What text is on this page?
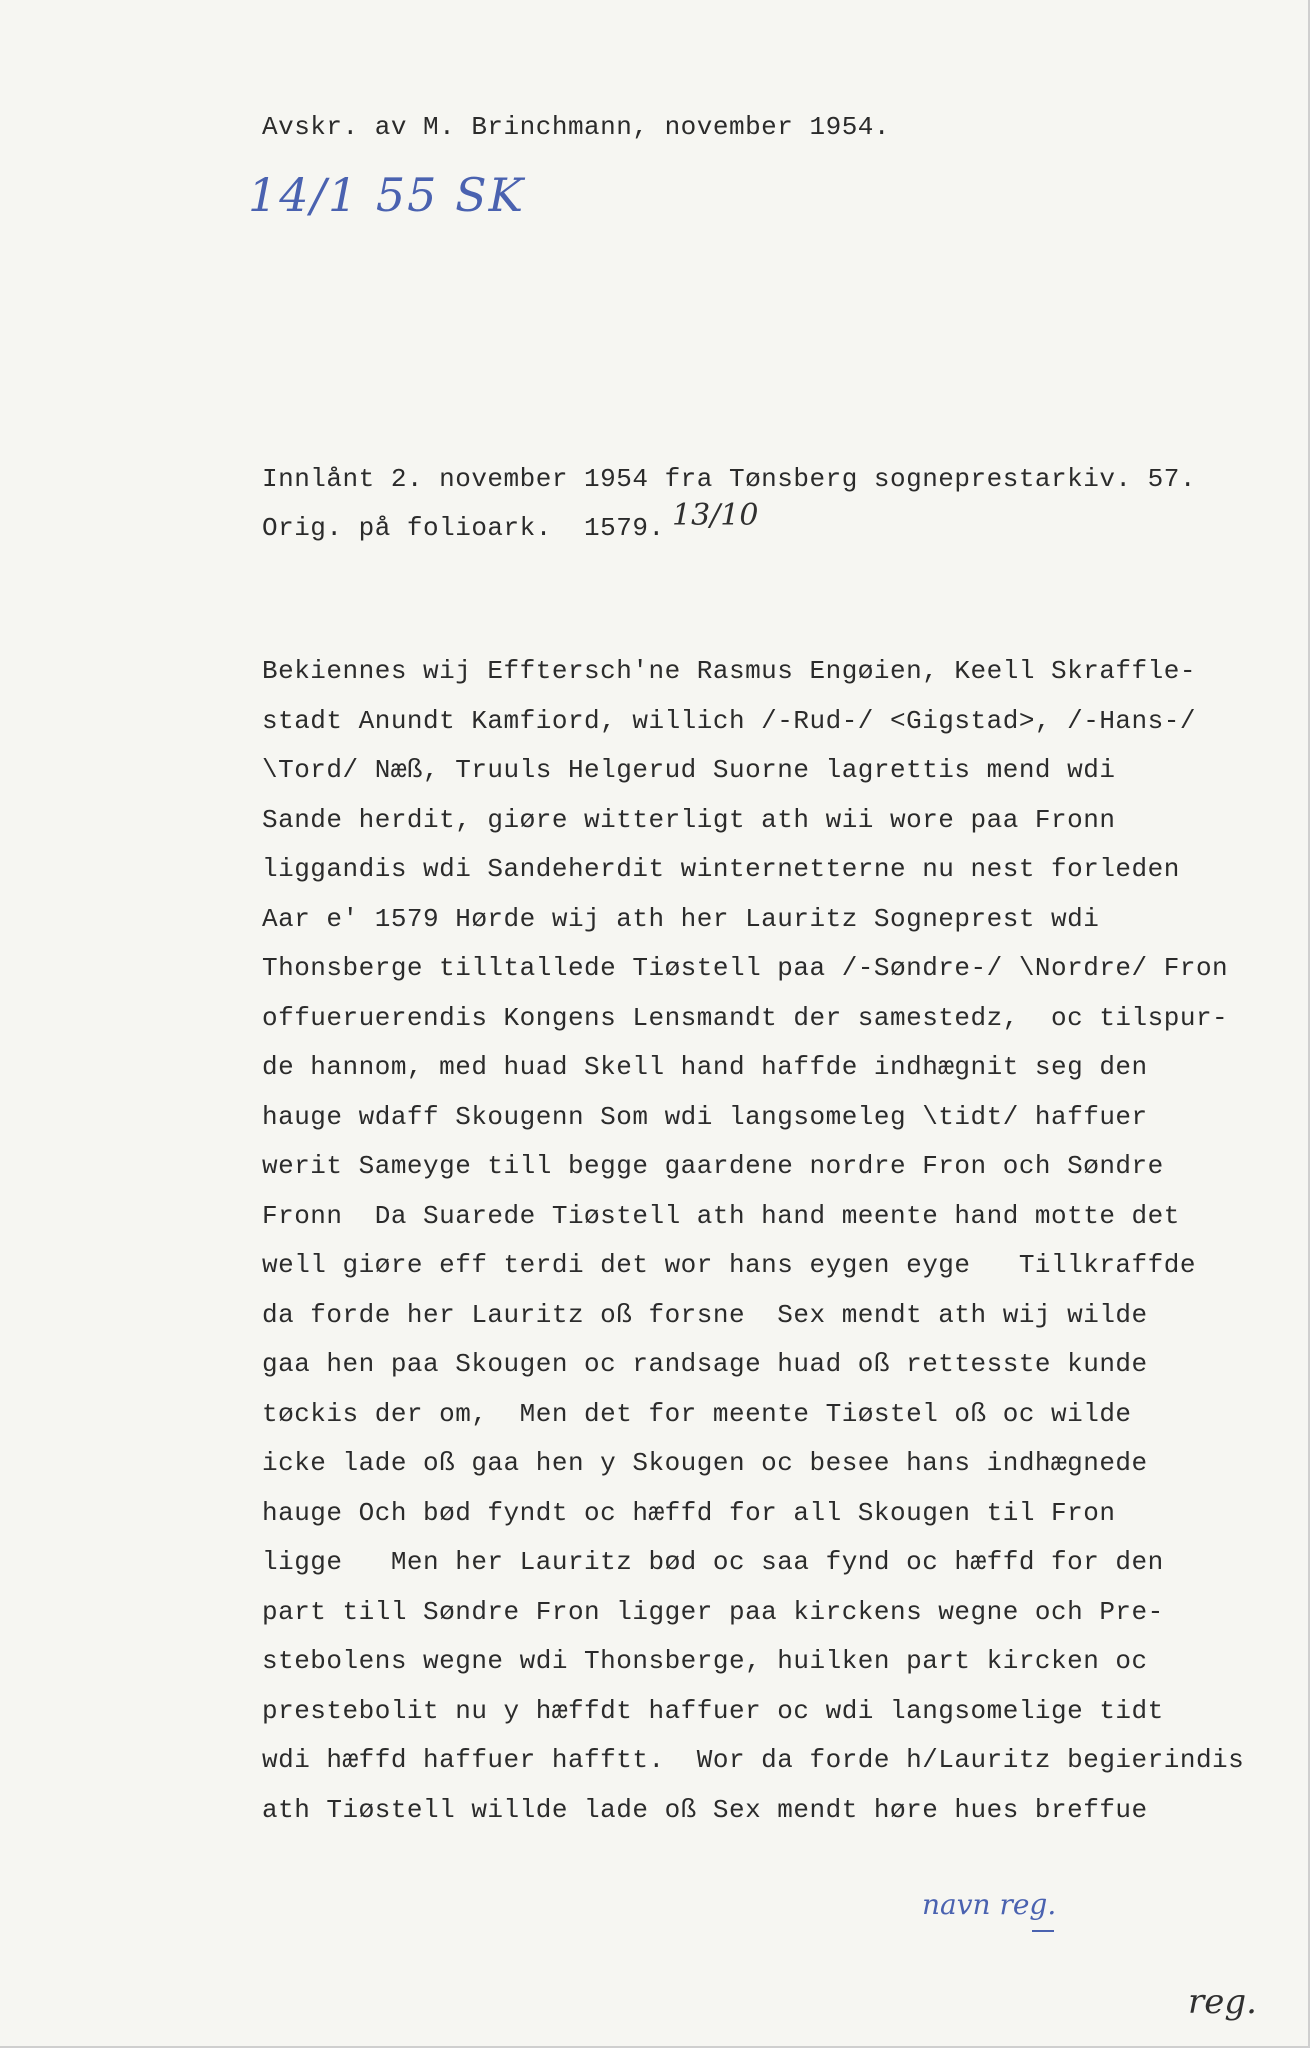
Avskr. av M. Brinchmann, november 1954.
14/1 55 SK
Innlånt 2. november 1954 fra Tønsberg sogneprestarkiv. 57.
Orig. på folioark.  1579. 13/10
Bekiennes wij Efftersch'ne Rasmus Engøien, Keell Skraffle-
stadt Anundt Kamfiord, willich /-Rud-/ <Gigstad>, /-Hans-/
\Tord/ Næß, Truuls Helgerud Suorne lagrettis mend wdi
Sande herdit, giøre witterligt ath wii wore paa Fronn
liggandis wdi Sandeherdit winternetterne nu nest forleden
Aar e' 1579 Hørde wij ath her Lauritz Sogneprest wdi
Thonsberge tilltallede Tiøstell paa /-Søndre-/ \Nordre/ Fron
offueruerendis Kongens Lensmandt der samestedz,  oc tilspur-
de hannom, med huad Skell hand haffde indhægnit seg den
hauge wdaff Skougenn Som wdi langsomeleg \tidt/ haffuer
werit Sameyge till begge gaardene nordre Fron och Søndre
Fronn  Da Suarede Tiøstell ath hand meente hand motte det
well giøre eff terdi det wor hans eygen eyge   Tillkraffde
da forde her Lauritz oß forsne  Sex mendt ath wij wilde
gaa hen paa Skougen oc randsage huad oß rettesste kunde
tøckis der om,  Men det for meente Tiøstel oß oc wilde
icke lade oß gaa hen y Skougen oc besee hans indhægnede
hauge Och bød fyndt oc hæffd for all Skougen til Fron
ligge   Men her Lauritz bød oc saa fynd oc hæffd for den
part till Søndre Fron ligger paa kirckens wegne och Pre-
stebolens wegne wdi Thonsberge, huilken part kircken oc
prestebolit nu y hæffdt haffuer oc wdi langsomelige tidt
wdi hæffd haffuer hafftt.  Wor da forde h/Lauritz begierindis
ath Tiøstell willde lade oß Sex mendt høre hues breffue
navn reg.
reg.
